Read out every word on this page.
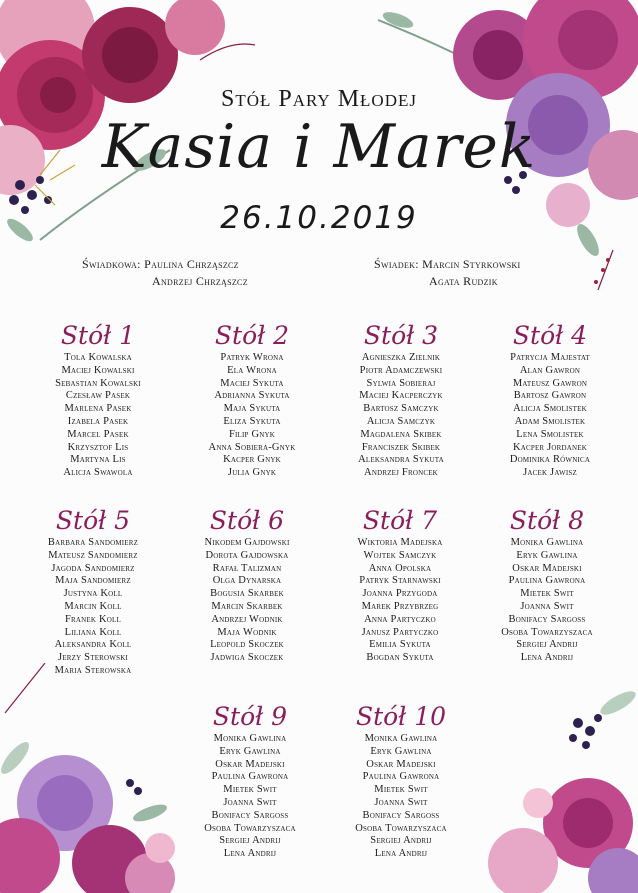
Stół Pary Młodej
Kasia i Marek
26.10.2019
Świadkowa: Paulina Chrząszcz
Andrzej Chrząszcz
Świadek: Marcin Styrkowski
Agata Rudzik
Stół 1
Tola Kowalska
Maciej Kowalski
Sebastian Kowalski
Czesław Pasek
Marlena Pasek
Izabela Pasek
Marcel Pasek
Krzysztof Lis
Martyna Lis
Alicja Swawola
Stół 2
Patryk Wrona
Ela Wrona
Maciej Sykuta
Adrianna Sykuta
Maja Sykuta
Eliza Sykuta
Filip Gnyk
Anna Sobiera-Gnyk
Kacper Gnyk
Julia Gnyk
Stół 3
Agnieszka Zielnik
Piotr Adamczewski
Sylwia Sobieraj
Maciej Kacperczyk
Bartosz Samczyk
Alicja Samczyk
Magdalena Skibek
Franciszek Skibek
Aleksandra Sykuta
Andrzej Froncek
Stół 4
Patrycja Majestat
Alan Gawron
Mateusz Gawron
Bartosz Gawron
Alicja Smolistek
Adam Smolistek
Lena Smolistek
Kacper Jordanek
Dominika Równica
Jacek Jawisz
Stół 5
Barbara Sandomierz
Mateusz Sandomierz
Jagoda Sandomierz
Maja Sandomierz
Justyna Koll
Marcin Koll
Franek Koll
Liliana Koll
Aleksandra Koll
Jerzy Sterowski
Maria Sterowska
Stół 6
Nikodem Gajdowski
Dorota Gajdowska
Rafał Talizman
Olga Dynarska
Bogusia Skarbek
Marcin Skarbek
Andrzej Wodnik
Maja Wodnik
Leopold Skoczek
Jadwiga Skoczek
Stół 7
Wiktoria Madejska
Wojtek Samczyk
Anna Opolska
Patryk Starnawski
Joanna Przygoda
Marek Przybrzeg
Anna Partyczko
Janusz Partyczko
Emilia Sykuta
Bogdan Sykuta
Stół 8
Monika Gawlina
Eryk Gawlina
Oskar Madejski
Paulina Gawrona
Mietek Swit
Joanna Swit
Bonifacy Sargoss
Osoba Towarzyszaca
Sergiej Andrij
Lena Andrij
Stół 9
Monika Gawlina
Eryk Gawlina
Oskar Madejski
Paulina Gawrona
Mietek Swit
Joanna Swit
Bonifacy Sargoss
Osoba Towarzyszaca
Sergiej Andrij
Lena Andrij
Stół 10
Monika Gawlina
Eryk Gawlina
Oskar Madejski
Paulina Gawrona
Mietek Swit
Joanna Swit
Bonifacy Sargoss
Osoba Towarzyszaca
Sergiej Andrij
Lena Andrij
